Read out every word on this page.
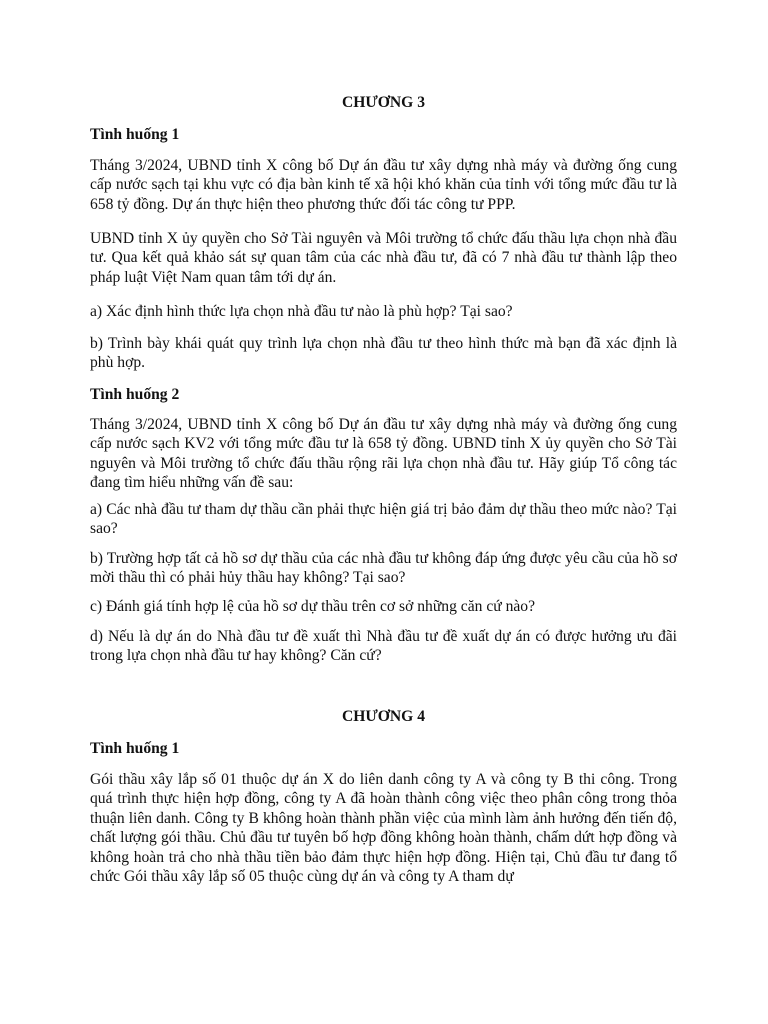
CHƯƠNG 3

Tình huống 1

Tháng 3/2024, UBND tỉnh X công bố Dự án đầu tư xây dựng nhà máy và đường ống cung cấp nước sạch tại khu vực có địa bàn kinh tế xã hội khó khăn của tỉnh với tổng mức đầu tư là 658 tỷ đồng. Dự án thực hiện theo phương thức đối tác công tư PPP.

UBND tỉnh X ủy quyền cho Sở Tài nguyên và Môi trường tổ chức đấu thầu lựa chọn nhà đầu tư. Qua kết quả khảo sát sự quan tâm của các nhà đầu tư, đã có 7 nhà đầu tư thành lập theo pháp luật Việt Nam quan tâm tới dự án.

a) Xác định hình thức lựa chọn nhà đầu tư nào là phù hợp? Tại sao?

b) Trình bày khái quát quy trình lựa chọn nhà đầu tư theo hình thức mà bạn đã xác định là phù hợp.

Tình huống 2

Tháng 3/2024, UBND tỉnh X công bố Dự án đầu tư xây dựng nhà máy và đường ống cung cấp nước sạch KV2 với tổng mức đầu tư là 658 tỷ đồng. UBND tỉnh X ủy quyền cho Sở Tài nguyên và Môi trường tổ chức đấu thầu rộng rãi lựa chọn nhà đầu tư. Hãy giúp Tổ công tác đang tìm hiểu những vấn đề sau:

a) Các nhà đầu tư tham dự thầu cần phải thực hiện giá trị bảo đảm dự thầu theo mức nào? Tại sao?

b) Trường hợp tất cả hồ sơ dự thầu của các nhà đầu tư không đáp ứng được yêu cầu của hồ sơ mời thầu thì có phải hủy thầu hay không? Tại sao?

c) Đánh giá tính hợp lệ của hồ sơ dự thầu trên cơ sở những căn cứ nào?

d) Nếu là dự án do Nhà đầu tư đề xuất thì Nhà đầu tư đề xuất dự án có được hưởng ưu đãi trong lựa chọn nhà đầu tư hay không? Căn cứ?

CHƯƠNG 4

Tình huống 1

Gói thầu xây lắp số 01 thuộc dự án X do liên danh công ty A và công ty B thi công. Trong quá trình thực hiện hợp đồng, công ty A đã hoàn thành công việc theo phân công trong thỏa thuận liên danh. Công ty B không hoàn thành phần việc của mình làm ảnh hưởng đến tiến độ, chất lượng gói thầu. Chủ đầu tư tuyên bố hợp đồng không hoàn thành, chấm dứt hợp đồng và không hoàn trả cho nhà thầu tiền bảo đảm thực hiện hợp đồng. Hiện tại, Chủ đầu tư đang tổ chức Gói thầu xây lắp số 05 thuộc cùng dự án và công ty A tham dự
